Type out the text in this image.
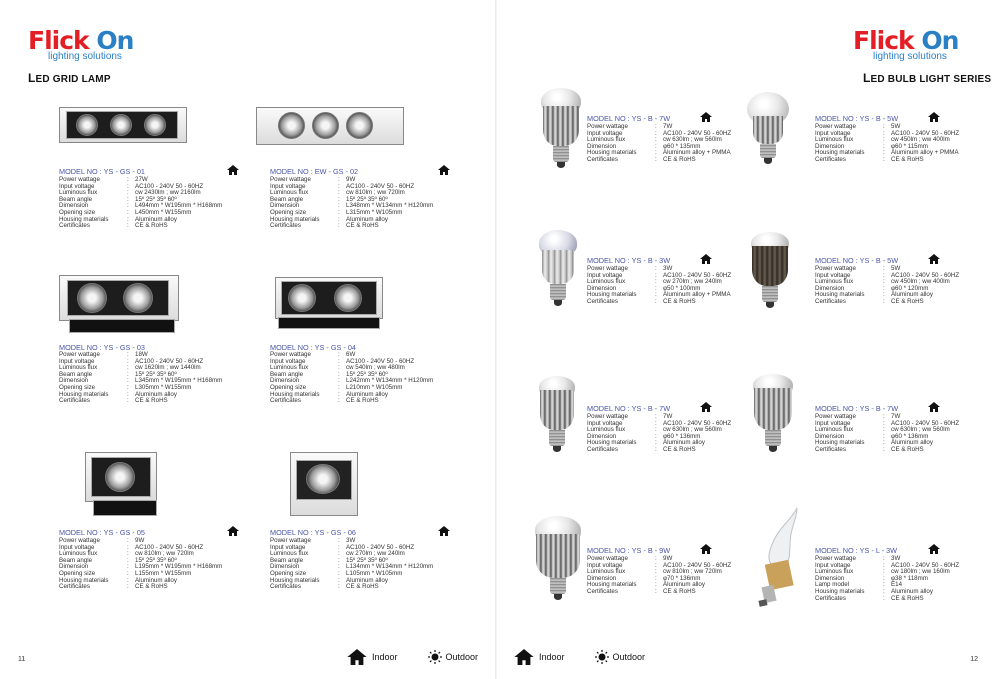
Flick On
lighting solutions
LED GRID LAMP
MODEL NO : YS - GS - 01
Power wattage	:	27W
Input voltage	:	AC100 - 240V 50 - 60HZ
Luminous flux	:	cw 2430lm ; ww 2160lm
Beam angle	:	15º 25º 35º 60º
Dimension	:	L494mm * W195mm * H168mm
Opening size	:	L450mm * W155mm
Housing materials	:	Aluminum alloy
Certificates	:	CE & RoHS
MODEL NO : EW - GS - 02
Power wattage	:	9W
Input voltage	:	AC100 - 240V 50 - 60HZ
Luminous flux	:	cw 810lm ; ww 720lm
Beam angle	:	15º 25º 35º 60º
Dimension	:	L348mm * W134mm * H120mm
Opening size	:	L315mm * W105mm
Housing materials	:	Aluminum alloy
Certificates	:	CE & RoHS
MODEL NO : YS - GS - 03
Power wattage	:	18W
Input voltage	:	AC100 - 240V 50 - 60HZ
Luminous flux	:	cw 1620lm ; ww 1440lm
Beam angle	:	15º 25º 35º 60º
Dimension	:	L345mm * W195mm * H168mm
Opening size	:	L305mm * W155mm
Housing materials	:	Aluminum alloy
Certificates	:	CE & RoHS
MODEL NO : YS - GS - 04
Power wattage	:	6W
Input voltage	:	AC100 - 240V 50 - 60HZ
Luminous flux	:	cw 540lm ; ww 480lm
Beam angle	:	15º 25º 35º 60º
Dimension	:	L242mm * W134mm * H120mm
Opening size	:	L210mm * W105mm
Housing materials	:	Aluminum alloy
Certificates	:	CE & RoHS
MODEL NO : YS - GS - 05
Power wattage	:	9W
Input voltage	:	AC100 - 240V 50 - 60HZ
Luminous flux	:	cw 810lm ; ww 720lm
Beam angle	:	15º 25º 35º 60º
Dimension	:	L195mm * W195mm * H168mm
Opening size	:	L155mm * W155mm
Housing materials	:	Aluminum alloy
Certificates	:	CE & RoHS
MODEL NO : YS - GS - 06
Power wattage	:	3W
Input voltage	:	AC100 - 240V 50 - 60HZ
Luminous flux	:	cw 270lm ; ww 240lm
Beam angle	:	15º 25º 35º 60º
Dimension	:	L134mm * W134mm * H120mm
Opening size	:	L105mm * W105mm
Housing materials	:	Aluminum alloy
Certificates	:	CE & RoHS
11	Indoor	Outdoor
Flick On
lighting solutions
LED BULB LIGHT SERIES
MODEL NO : YS - B - 7W
Power wattage	:	7W
Input voltage	:	AC100 - 240V 50 - 60HZ
Luminous flux	:	cw 630lm ; ww 560lm
Dimension	:	φ60 * 135mm
Housing materials	:	Aluminum alloy + PMMA
Certificates	:	CE & RoHS
MODEL NO : YS - B - 5W
Power wattage	:	5W
Input voltage	:	AC100 - 240V 50 - 60HZ
Luminous flux	:	cw 450lm ; ww 400lm
Dimension	:	φ60 * 115mm
Housing materials	:	Aluminum alloy + PMMA
Certificates	:	CE & RoHS
MODEL NO : YS - B - 3W
Power wattage	:	3W
Input voltage	:	AC100 - 240V 50 - 60HZ
Luminous flux	:	cw 270lm ; ww 240lm
Dimension	:	φ50 * 100mm
Housing materials	:	Aluminum alloy + PMMA
Certificates	:	CE & RoHS
MODEL NO : YS - B - 5W
Power wattage	:	5W
Input voltage	:	AC100 - 240V 50 - 60HZ
Luminous flux	:	cw 450lm ; ww 400lm
Dimension	:	φ60 * 120mm
Housing materials	:	Aluminum alloy
Certificates	:	CE & RoHS
MODEL NO : YS - B - 7W
Power wattage	:	7W
Input voltage	:	AC100 - 240V 50 - 60HZ
Luminous flux	:	cw 630lm ; ww 560lm
Dimension	:	φ60 * 136mm
Housing materials	:	Aluminum alloy
Certificates	:	CE & RoHS
MODEL NO : YS - B - 7W
Power wattage	:	7W
Input voltage	:	AC100 - 240V 50 - 60HZ
Luminous flux	:	cw 630lm ; ww 560lm
Dimension	:	φ60 * 136mm
Housing materials	:	Aluminum alloy
Certificates	:	CE & RoHS
MODEL NO : YS - B - 9W
Power wattage	:	9W
Input voltage	:	AC100 - 240V 50 - 60HZ
Luminous flux	:	cw 810lm ; ww 720lm
Dimension	:	φ70 * 136mm
Housing materials	:	Aluminum alloy
Certificates	:	CE & RoHS
MODEL NO : YS - L - 3W
Power wattage	:	3W
Input voltage	:	AC100 - 240V 50 - 60HZ
Luminous flux	:	cw 180lm ; ww 160lm
Dimension	:	φ38 * 118mm
Lamp model	:	E14
Housing materials	:	Aluminum alloy
Certificates	:	CE & RoHS
Indoor	Outdoor	12
